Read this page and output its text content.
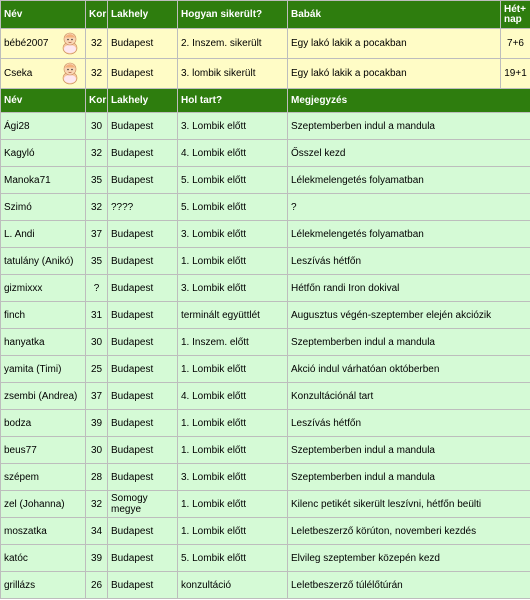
Név	Kor	Lakhely	Hogyan sikerült?	Babák	Hét+
nap

bébé2007	32	Budapest	2. Inszem. sikerült	Egy lakó lakik a pocakban	7+6
Cseka	32	Budapest	3. lombik sikerült	Egy lakó lakik a pocakban	19+1
Név	Kor	Lakhely	Hol tart?	Megjegyzés	
Ági28	30	Budapest	3. Lombik előtt	Szeptemberben indul a mandula	
Kagyló	32	Budapest	4. Lombik előtt	Ősszel kezd	
Manoka71	35	Budapest	5. Lombik előtt	Lélekmelengetés folyamatban	
Szimó	32	????	5. Lombik előtt	?	
L. Andi	37	Budapest	3. Lombik előtt	Lélekmelengetés folyamatban	
tatulány (Anikó)	35	Budapest	1. Lombik előtt	Leszívás hétfőn	
gizmixxx	?	Budapest	3. Lombik előtt	Hétfőn randi Iron dokival	
finch	31	Budapest	terminált együttlét	Augusztus végén-szeptember elején akciózik	
hanyatka	30	Budapest	1. Inszem. előtt	Szeptemberben indul a mandula	
yamita (Timi)	25	Budapest	1. Lombik előtt	Akció indul várhatóan októberben	
zsembi (Andrea)	37	Budapest	4. Lombik előtt	Konzultációnál tart	
bodza	39	Budapest	1. Lombik előtt	Leszívás hétfőn	
beus77	30	Budapest	1. Lombik előtt	Szeptemberben indul a mandula	
szépem	28	Budapest	3. Lombik előtt	Szeptemberben indul a mandula	
zel (Johanna)	32	Somogy megye	1. Lombik előtt	Kilenc petikét sikerült leszívni, hétfőn beülti	
moszatka	34	Budapest	1. Lombik előtt	Leletbeszerző körúton, novemberi kezdés	
katóc	39	Budapest	5. Lombik előtt	Elvileg szeptember közepén kezd	
grillázs	26	Budapest	konzultáció	Leletbeszerző túlélőtúrán	
